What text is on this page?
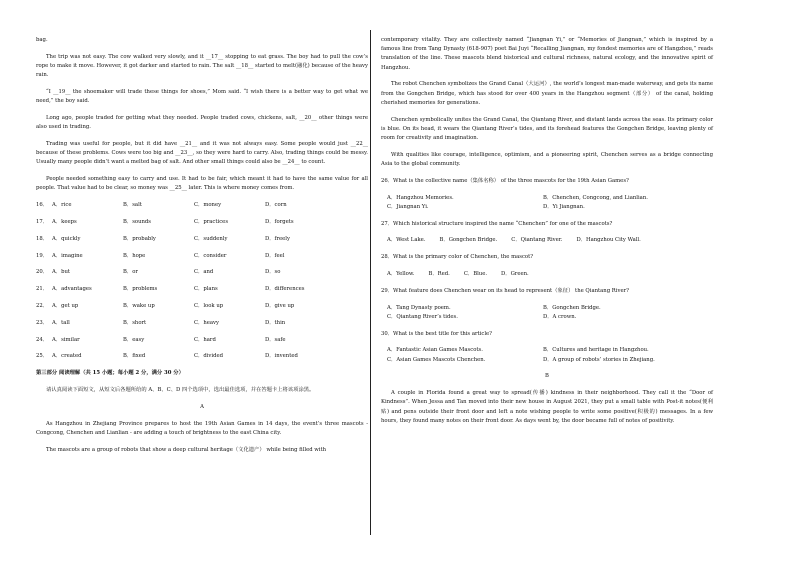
bag.

The trip was not easy. The cow walked very slowly, and it __17__ stopping to eat grass. The boy had to pull the cow’s rope to make it move. However, it got darker and started to rain. The salt __18__ started to melt(融化) because of the heavy rain.

“I __19__ the shoemaker will trade these things for shoes,” Mom said. “I wish there is a better way to get what we need,” the boy said.

Long ago, people traded for getting what they needed. People traded cows, chickens, salt, __20__ other things were also used in trading.

Trading was useful for people, but it did have __21__ and it was not always easy. Some people would just __22__ because of these problems. Cows were too big and __23__, so they were hard to carry. Also, trading things could be messy. Usually many people didn’t want a melted bag of salt. And other small things could also be __24__ to count.

People needed something easy to carry and use. It had to be fair, which meant it had to have the same value for all people. That value had to be clear, so money was __25__ later. This is where money comes from.

16． A．rice	B．salt	C．money	D．corn
17． A．keeps	B．sounds	C．practices	D．forgets
18． A．quickly	B．probably	C．suddenly	D．freely
19． A．imagine	B．hope	C．consider	D．feel
20． A．but	B．or	C．and	D．so
21． A．advantages	B．problems	C．plans	D．differences
22． A．get up	B．wake up	C．look up	D．give up
23． A．tall	B．short	C．heavy	D．thin
24． A．similar	B．easy	C．hard	D．safe
25． A．created	B．fixed	C．divided	D．invented

第三部分 阅读理解（共 15 小题；每小题 2 分，满分 30 分）

请认真阅读下面短文，从短文后各题所给的 A、B、C、D 四个选项中，选出最佳选项，并在答题卡上将该项涂黑。

A

As Hangzhou in Zhejiang Province prepares to host the 19th Asian Games in 14 days, the event’s three mascots - Congcong, Chenchen and Lianlian - are adding a touch of brightness to the east China city.

The mascots are a group of robots that show a deep cultural heritage（文化遗产） while being filled with

contemporary vitality. They are collectively named “Jiangnan Yi,” or “Memories of Jiangnan,” which is inspired by a famous line from Tang Dynasty (618-907) poet Bai Juyi “Recalling Jiangnan, my fondest memories are of Hangzhou,” reads translation of the line. These mascots blend historical and cultural richness, natural ecology, and the innovative spirit of Hangzhou.

The robot Chenchen symbolizes the Grand Canal（大运河）, the world’s longest man-made waterway, and gets its name from the Gongchen Bridge, which has stood for over 400 years in the Hangzhou segment（部分） of the canal, holding cherished memories for generations.

Chenchen symbolically unites the Grand Canal, the Qiantang River, and distant lands across the seas. Its primary color is blue. On its head, it wears the Qiantang River’s tides, and its forehead features the Gongchen Bridge, leaving plenty of room for creativity and imagination.

With qualities like courage, intelligence, optimism, and a pioneering spirit, Chenchen serves as a bridge connecting Asia to the global community.

26．What is the collective name（集体名称） of the three mascots for the 19th Asian Games?

A．Hangzhou Memories.	B．Chenchen, Congcong, and Lianlian.
C．Jiangnan Yi.	D．Yi Jiangnan.

27．Which historical structure inspired the name “Chenchen” for one of the mascots?

A．West Lake.	B．Gongchen Bridge.	C．Qiantang River.	D．Hangzhou City Wall.

28．What is the primary color of Chenchen, the mascot?

A．Yellow.	B．Red.	C．Blue.	D．Green.

29．What feature does Chenchen wear on its head to represent（象征） the Qiantang River?

A．Tang Dynasty poem.	B．Gongchen Bridge.
C．Qiantang River’s tides.	D．A crown.

30．What is the best title for this article?

A．Fantastic Asian Games Mascots.	B．Cultures and heritage in Hangzhou.
C．Asian Games Mascots Chenchen.	D．A group of robots’ stories in Zhejiang.
B

A couple in Florida found a great way to spread(传播) kindness in their neighborhood. They call it the “Door of Kindness”. When Jessa and Tan moved into their new house in August 2021, they put a small table with Post-it notes(便利贴) and pens outside their front door and left a note wishing people to write some positive(积极的) messages. In a few hours, they found many notes on their front door. As days went by, the door became full of notes of positivity.
